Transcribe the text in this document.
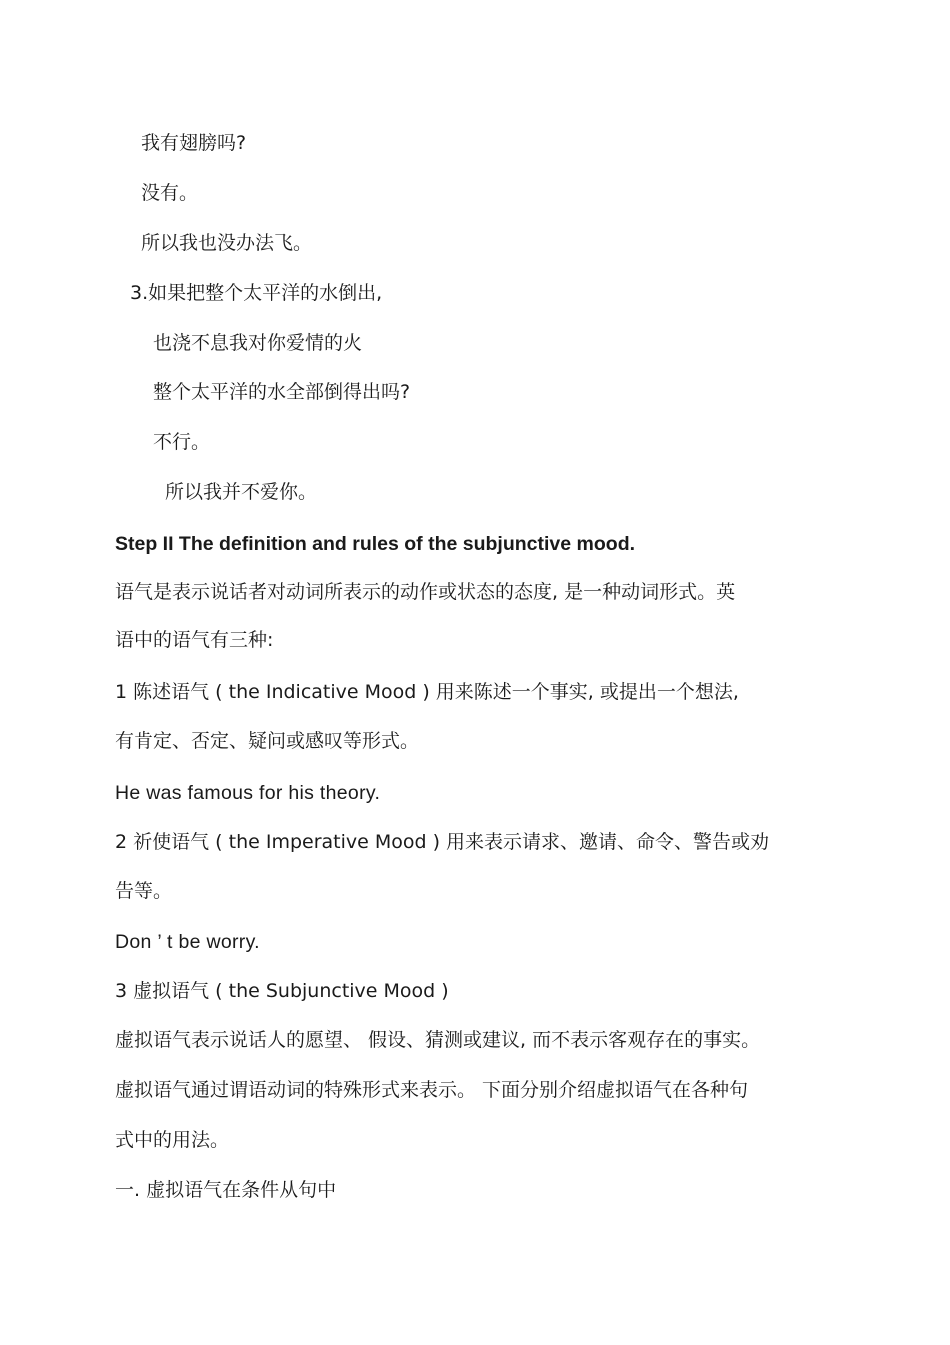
我有翅膀吗?
没有。
所以我也没办法飞。
3.如果把整个太平洋的水倒出,
也浇不息我对你爱情的火
整个太平洋的水全部倒得出吗?
不行。
所以我并不爱你。
Step II The definition and rules of the subjunctive mood.
语气是表示说话者对动词所表示的动作或状态的态度, 是一种动词形式。英
语中的语气有三种:
1 陈述语气 ( the Indicative Mood ) 用来陈述一个事实, 或提出一个想法,
有肯定、否定、疑问或感叹等形式。
He was famous for his theory.
2 祈使语气 ( the Imperative Mood ) 用来表示请求、邀请、命令、警告或劝
告等。
Don ’ t be worry.
3 虚拟语气 ( the Subjunctive Mood )
虚拟语气表示说话人的愿望、 假设、猜测或建议, 而不表示客观存在的事实。
虚拟语气通过谓语动词的特殊形式来表示。 下面分别介绍虚拟语气在各种句
式中的用法。
一. 虚拟语气在条件从句中
